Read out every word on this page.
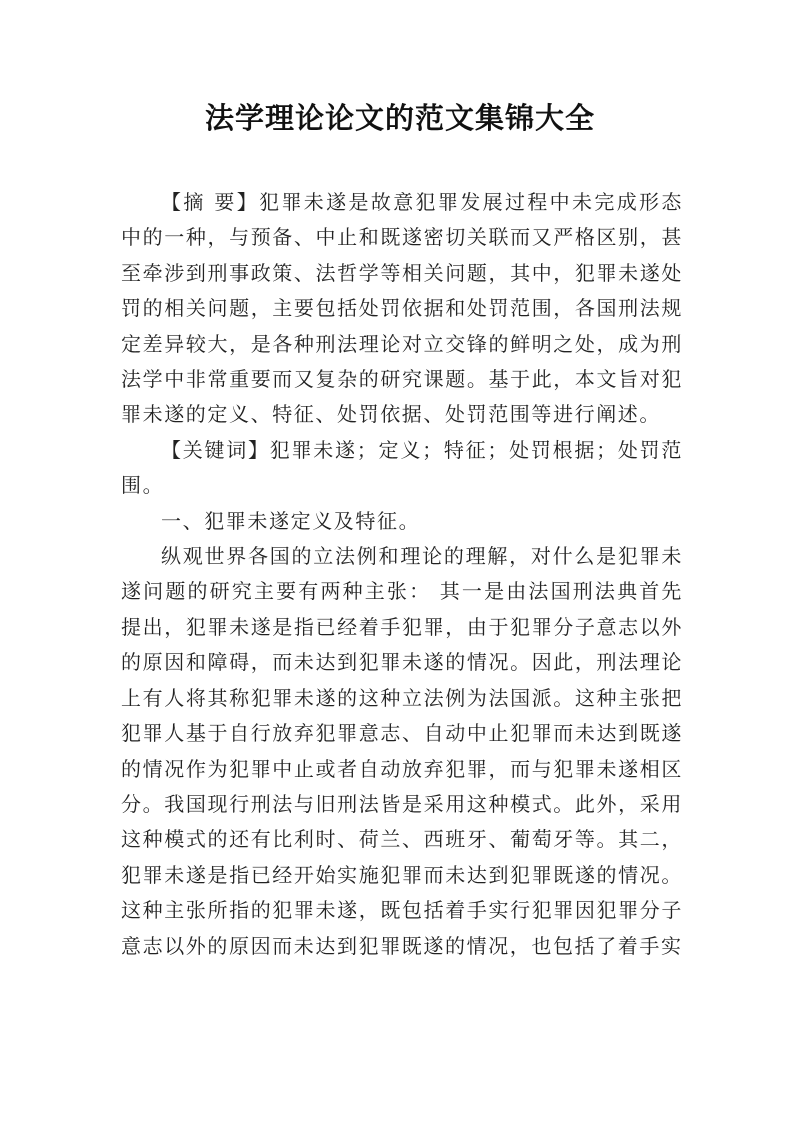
法学理论论文的范文集锦大全

【摘 要】犯罪未遂是故意犯罪发展过程中未完成形态中的一种，与预备、中止和既遂密切关联而又严格区别，甚至牵涉到刑事政策、法哲学等相关问题，其中，犯罪未遂处罚的相关问题，主要包括处罚依据和处罚范围，各国刑法规定差异较大，是各种刑法理论对立交锋的鲜明之处，成为刑法学中非常重要而又复杂的研究课题。基于此，本文旨对犯罪未遂的定义、特征、处罚依据、处罚范围等进行阐述。

【关键词】犯罪未遂；定义；特征；处罚根据；处罚范围。

一、犯罪未遂定义及特征。

纵观世界各国的立法例和理论的理解，对什么是犯罪未遂问题的研究主要有两种主张： 其一是由法国刑法典首先提出，犯罪未遂是指已经着手犯罪，由于犯罪分子意志以外的原因和障碍，而未达到犯罪未遂的情况。因此，刑法理论上有人将其称犯罪未遂的这种立法例为法国派。这种主张把犯罪人基于自行放弃犯罪意志、自动中止犯罪而未达到既遂的情况作为犯罪中止或者自动放弃犯罪，而与犯罪未遂相区分。我国现行刑法与旧刑法皆是采用这种模式。此外，采用这种模式的还有比利时、荷兰、西班牙、葡萄牙等。其二，犯罪未遂是指已经开始实施犯罪而未达到犯罪既遂的情况。这种主张所指的犯罪未遂，既包括着手实行犯罪因犯罪分子意志以外的原因而未达到犯罪既遂的情况，也包括了着手实
